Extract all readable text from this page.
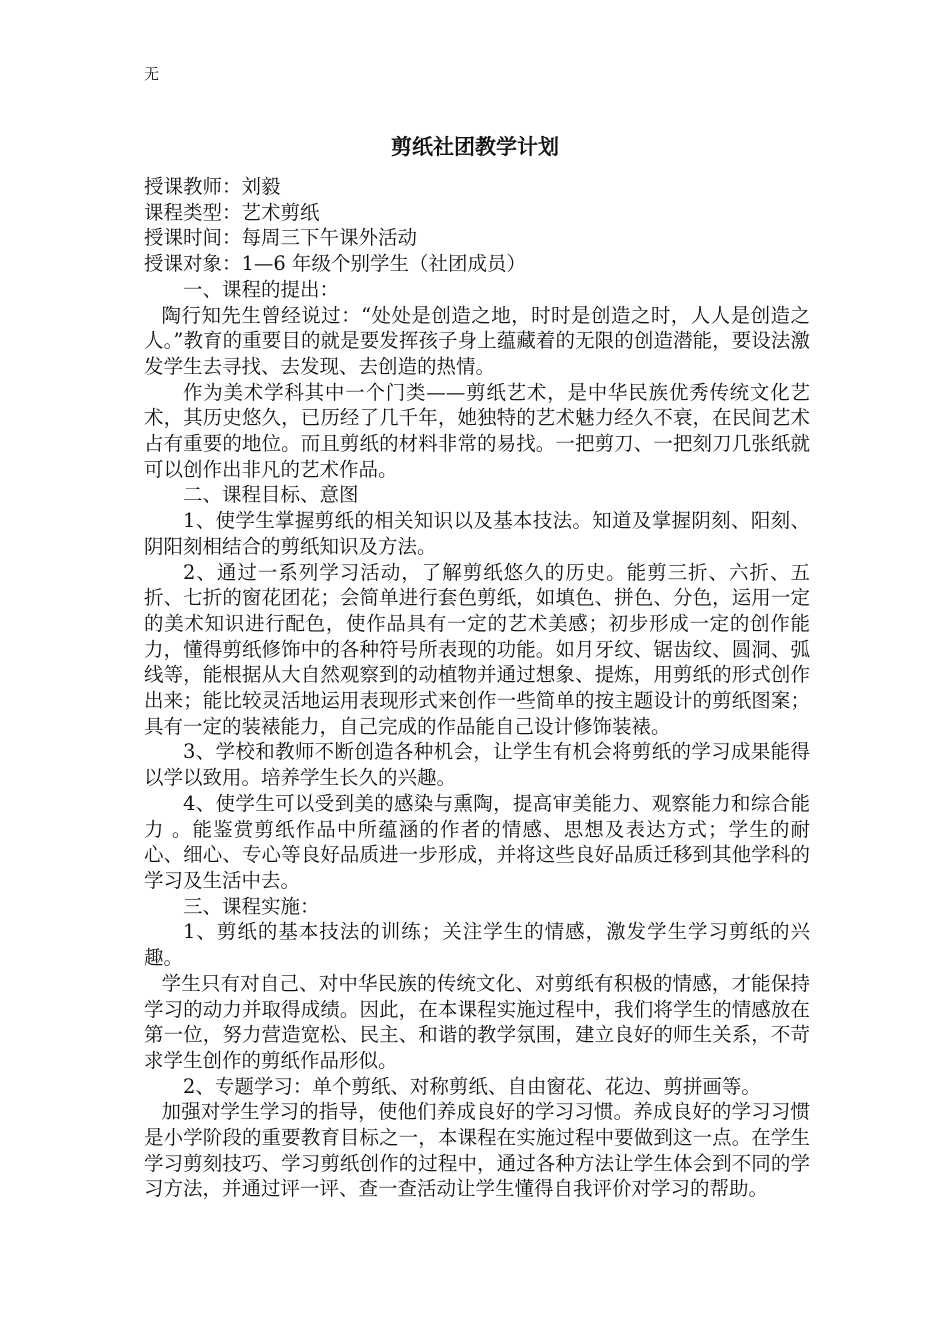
无
剪纸社团教学计划

授课教师：刘毅

课程类型：艺术剪纸

授课时间：每周三下午课外活动

授课对象：1—6 年级个别学生（社团成员）

一、课程的提出：

陶行知先生曾经说过：“处处是创造之地，时时是创造之时，人人是创造之人。”教育的重要目的就是要发挥孩子身上蕴藏着的无限的创造潜能，要设法激发学生去寻找、去发现、去创造的热情。

作为美术学科其中一个门类——剪纸艺术，是中华民族优秀传统文化艺术，其历史悠久，已历经了几千年，她独特的艺术魅力经久不衰，在民间艺术占有重要的地位。而且剪纸的材料非常的易找。一把剪刀、一把刻刀几张纸就可以创作出非凡的艺术作品。

二、课程目标、意图

1、使学生掌握剪纸的相关知识以及基本技法。知道及掌握阴刻、阳刻、阴阳刻相结合的剪纸知识及方法。

2、通过一系列学习活动，了解剪纸悠久的历史。能剪三折、六折、五折、七折的窗花团花；会简单进行套色剪纸，如填色、拼色、分色，运用一定的美术知识进行配色，使作品具有一定的艺术美感；初步形成一定的创作能力，懂得剪纸修饰中的各种符号所表现的功能。如月牙纹、锯齿纹、圆洞、弧线等，能根据从大自然观察到的动植物并通过想象、提炼，用剪纸的形式创作出来；能比较灵活地运用表现形式来创作一些简单的按主题设计的剪纸图案；具有一定的装裱能力，自己完成的作品能自己设计修饰装裱。

3、学校和教师不断创造各种机会，让学生有机会将剪纸的学习成果能得以学以致用。培养学生长久的兴趣。

4、使学生可以受到美的感染与熏陶，提高审美能力、观察能力和综合能力 。能鉴赏剪纸作品中所蕴涵的作者的情感、思想及表达方式；学生的耐心、细心、专心等良好品质进一步形成，并将这些良好品质迁移到其他学科的学习及生活中去。

三、课程实施：

1、剪纸的基本技法的训练；关注学生的情感，激发学生学习剪纸的兴趣。

学生只有对自己、对中华民族的传统文化、对剪纸有积极的情感，才能保持学习的动力并取得成绩。因此，在本课程实施过程中，我们将学生的情感放在第一位，努力营造宽松、民主、和谐的教学氛围，建立良好的师生关系，不苛求学生创作的剪纸作品形似。

2、专题学习：单个剪纸、对称剪纸、自由窗花、花边、剪拼画等。

加强对学生学习的指导，使他们养成良好的学习习惯。养成良好的学习习惯是小学阶段的重要教育目标之一，本课程在实施过程中要做到这一点。在学生学习剪刻技巧、学习剪纸创作的过程中，通过各种方法让学生体会到不同的学习方法，并通过评一评、查一查活动让学生懂得自我评价对学习的帮助。
